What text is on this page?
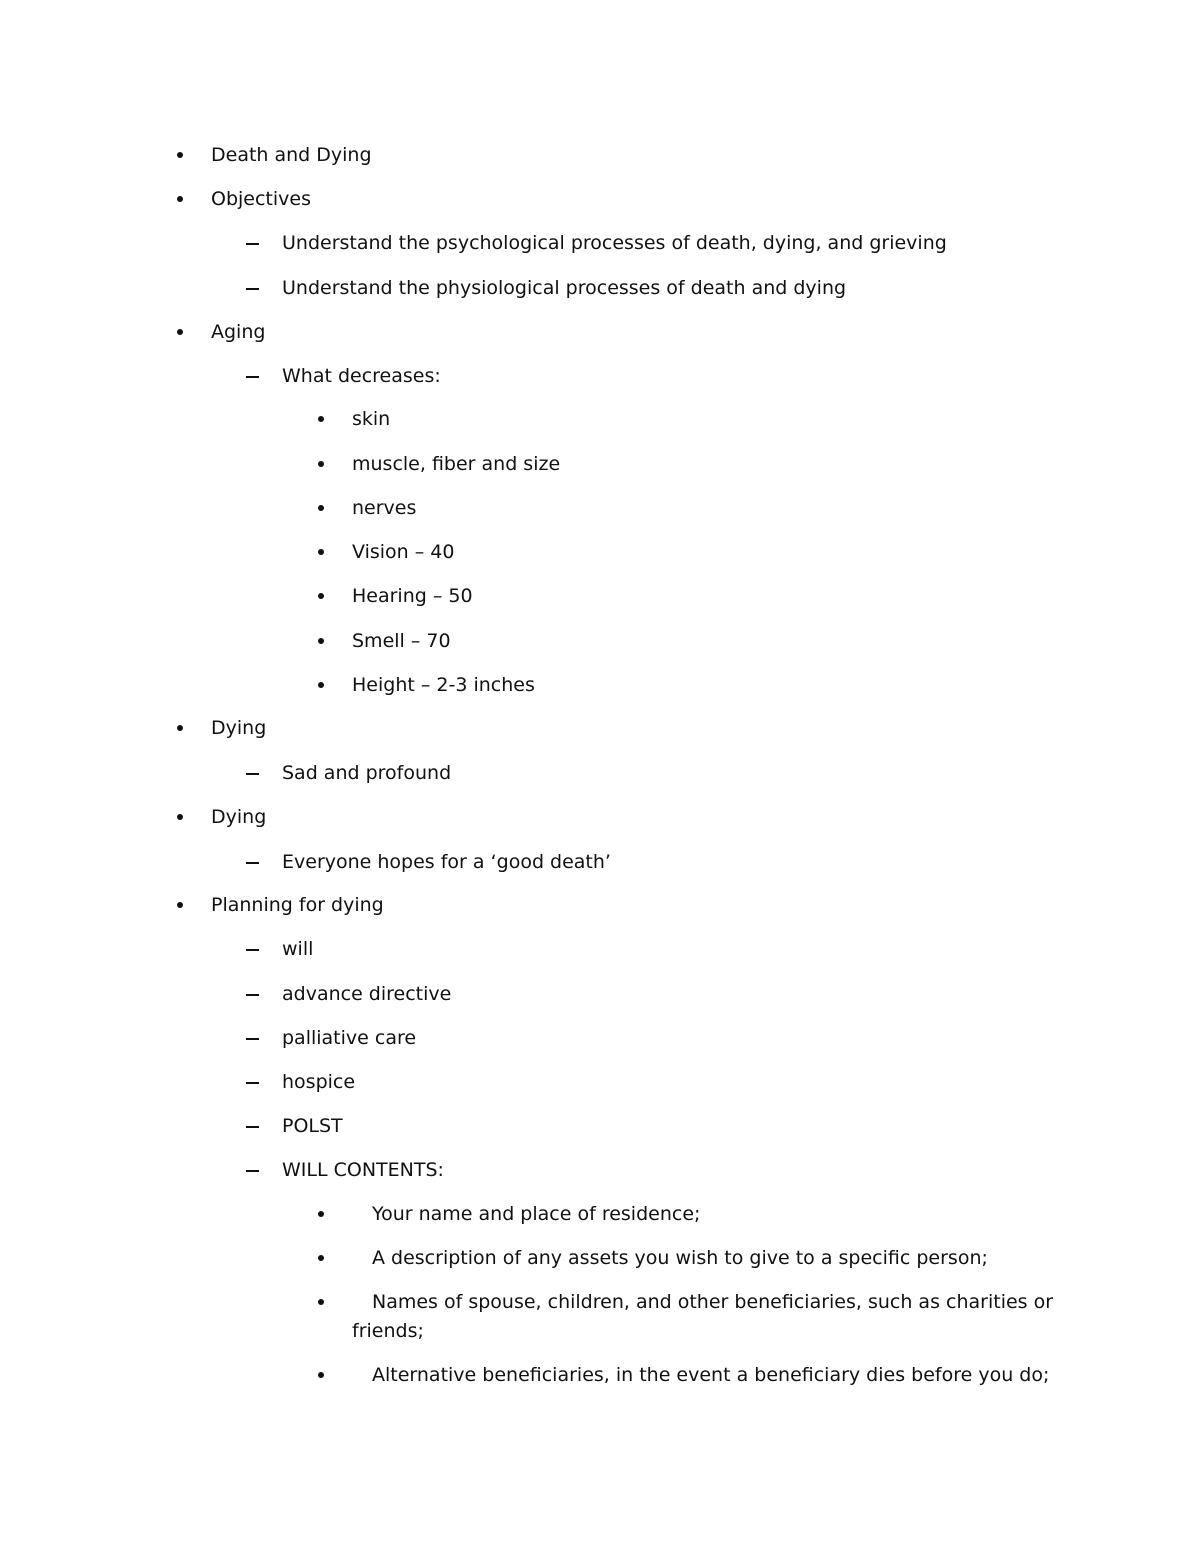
Death and Dying
Objectives
Understand the psychological processes of death, dying, and grieving
Understand the physiological processes of death and dying
Aging
What decreases:
skin
muscle, fiber and size
nerves
Vision – 40
Hearing – 50
Smell – 70
Height – 2-3 inches
Dying
Sad and profound
Dying
Everyone hopes for a ‘good death’
Planning for dying
will
advance directive
palliative care
hospice
POLST
WILL CONTENTS:
Your name and place of residence;
A description of any assets you wish to give to a specific person;
Names of spouse, children, and other beneficiaries, such as charities or
friends;
Alternative beneficiaries, in the event a beneficiary dies before you do;
